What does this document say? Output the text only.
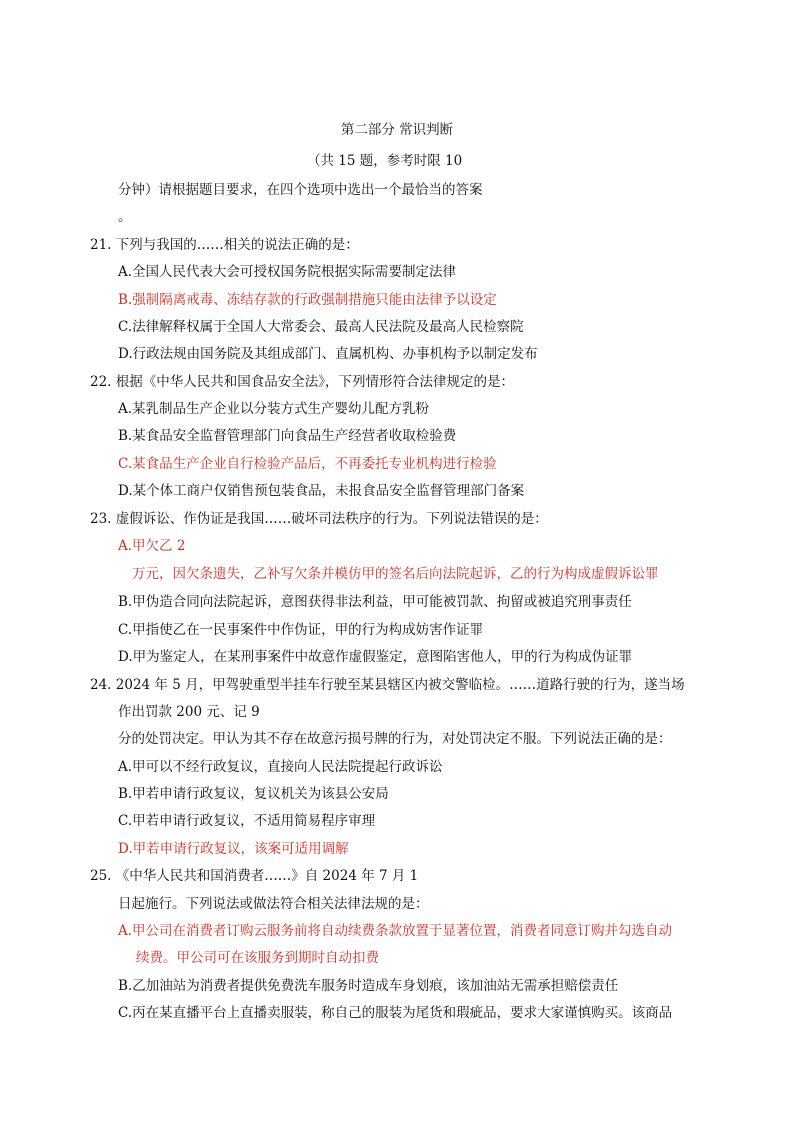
第二部分 常识判断
（共 15 题，参考时限 10
分钟）请根据题目要求，在四个选项中选出一个最恰当的答案
。
21. 下列与我国的……相关的说法正确的是：
A.全国人民代表大会可授权国务院根据实际需要制定法律
B.强制隔离戒毒、冻结存款的行政强制措施只能由法律予以设定
C.法律解释权属于全国人大常委会、最高人民法院及最高人民检察院
D.行政法规由国务院及其组成部门、直属机构、办事机构予以制定发布
22. 根据《中华人民共和国食品安全法》，下列情形符合法律规定的是：
A.某乳制品生产企业以分装方式生产婴幼儿配方乳粉
B.某食品安全监督管理部门向食品生产经营者收取检验费
C.某食品生产企业自行检验产品后，不再委托专业机构进行检验
D.某个体工商户仅销售预包装食品，未报食品安全监督管理部门备案
23. 虚假诉讼、作伪证是我国……破坏司法秩序的行为。下列说法错误的是：
A.甲欠乙 2
万元，因欠条遗失，乙补写欠条并模仿甲的签名后向法院起诉，乙的行为构成虚假诉讼罪
B.甲伪造合同向法院起诉，意图获得非法利益，甲可能被罚款、拘留或被追究刑事责任
C.甲指使乙在一民事案件中作伪证，甲的行为构成妨害作证罪
D.甲为鉴定人，在某刑事案件中故意作虚假鉴定，意图陷害他人，甲的行为构成伪证罪
24. 2024 年 5 月，甲驾驶重型半挂车行驶至某县辖区内被交警临检。……道路行驶的行为，遂当场
作出罚款 200 元、记 9
分的处罚决定。甲认为其不存在故意污损号牌的行为，对处罚决定不服。下列说法正确的是：
A.甲可以不经行政复议，直接向人民法院提起行政诉讼
B.甲若申请行政复议，复议机关为该县公安局
C.甲若申请行政复议，不适用简易程序审理
D.甲若申请行政复议，该案可适用调解
25. 《中华人民共和国消费者……》自 2024 年 7 月 1
日起施行。下列说法或做法符合相关法律法规的是：
A.甲公司在消费者订购云服务前将自动续费条款放置于显著位置，消费者同意订购并勾选自动
续费。甲公司可在该服务到期时自动扣费
B.乙加油站为消费者提供免费洗车服务时造成车身划痕，该加油站无需承担赔偿责任
C.丙在某直播平台上直播卖服装，称自己的服装为尾货和瑕疵品，要求大家谨慎购买。该商品
